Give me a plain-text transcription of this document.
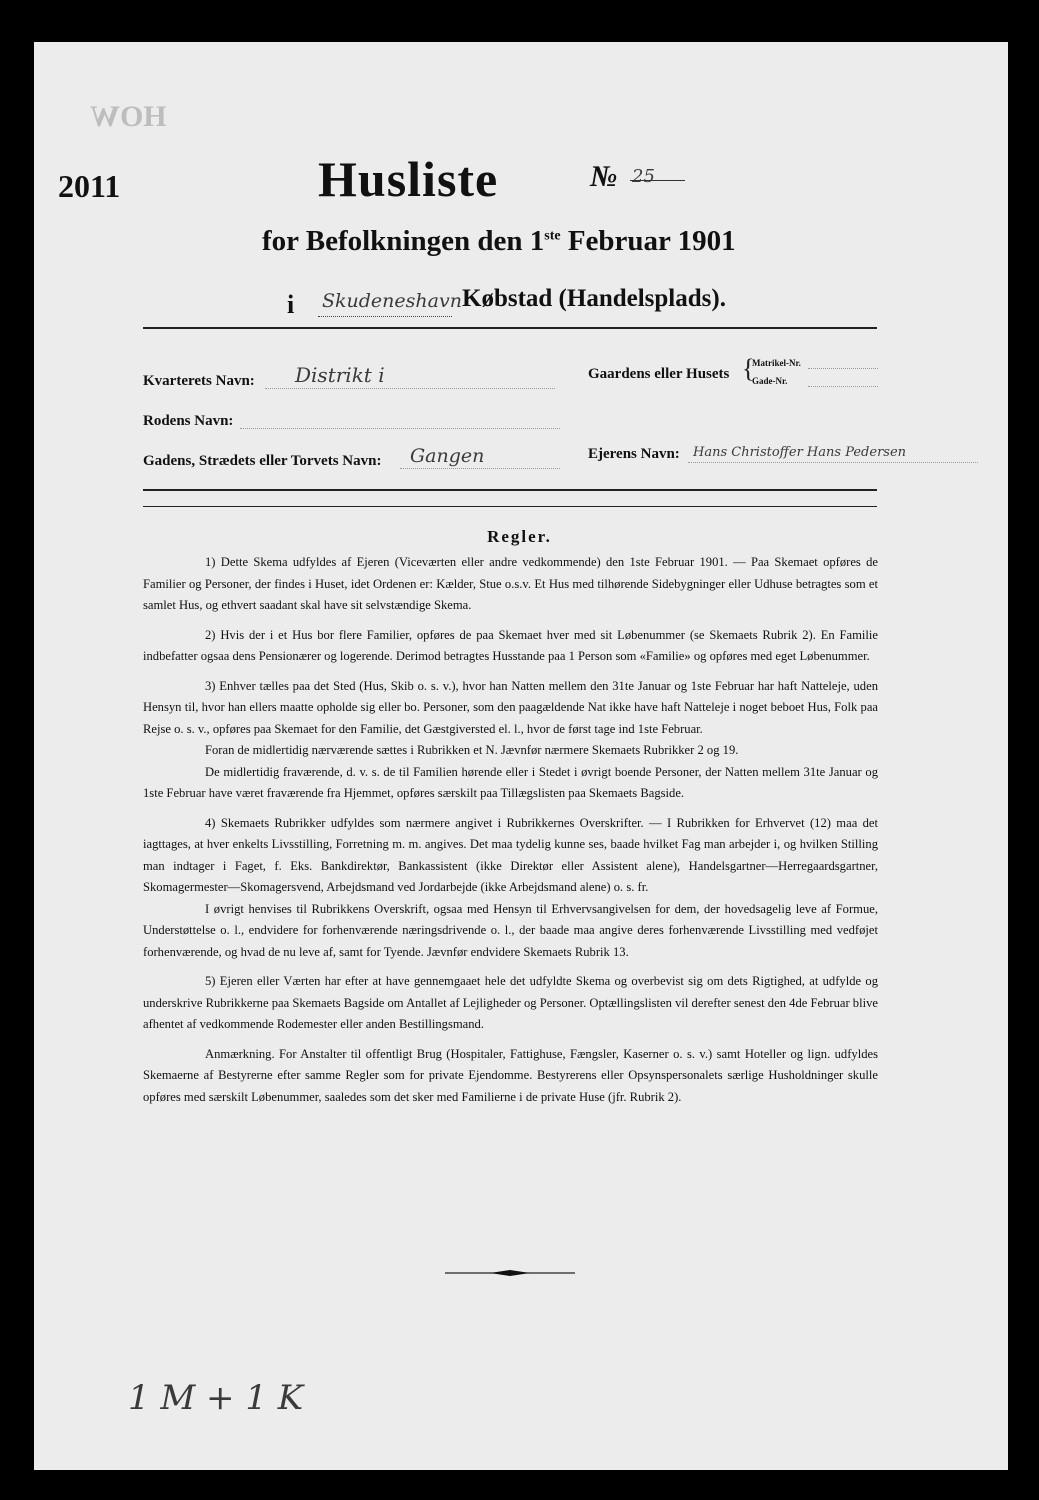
HOW
2011	Husliste	№ 25
for Befolkningen den 1ste Februar 1901
i Skudeneshavn Købstad (Handelsplads).
Kvarterets Navn: Distrikt i	Gaardens eller Husets {
Matrikel-Nr.
Gade-Nr.
Rodens Navn:
Gadens, Strædets eller Torvets Navn: Gangen	Ejerens Navn: Hans Christoffer Hans Pedersen
Regler.

1) Dette Skema udfyldes af Ejeren (Viceværten eller andre vedkommende) den 1ste Februar 1901. — Paa Skemaet opføres de Familier og Personer, der findes i Huset, idet Ordenen er: Kælder, Stue o.s.v. Et Hus med tilhørende Sidebygninger eller Udhuse betragtes som et samlet Hus, og ethvert saadant skal have sit selvstændige Skema.

2) Hvis der i et Hus bor flere Familier, opføres de paa Skemaet hver med sit Løbenummer (se Skemaets Rubrik 2). En Familie indbefatter ogsaa dens Pensionærer og logerende. Derimod betragtes Husstande paa 1 Person som «Familie» og opføres med eget Løbenummer.

3) Enhver tælles paa det Sted (Hus, Skib o. s. v.), hvor han Natten mellem den 31te Januar og 1ste Februar har haft Natteleje, uden Hensyn til, hvor han ellers maatte opholde sig eller bo. Personer, som den paagældende Nat ikke have haft Natteleje i noget beboet Hus, Folk paa Rejse o. s. v., opføres paa Skemaet for den Familie, det Gæstgiversted el. l., hvor de først tage ind 1ste Februar.

Foran de midlertidig nærværende sættes i Rubrikken et N. Jævnfør nærmere Skemaets Rubrikker 2 og 19.

De midlertidig fraværende, d. v. s. de til Familien hørende eller i Stedet i øvrigt boende Personer, der Natten mellem 31te Januar og 1ste Februar have været fraværende fra Hjemmet, opføres særskilt paa Tillægslisten paa Skemaets Bagside.

4) Skemaets Rubrikker udfyldes som nærmere angivet i Rubrikkernes Overskrifter. — I Rubrikken for Erhvervet (12) maa det iagttages, at hver enkelts Livsstilling, Forretning m. m. angives. Det maa tydelig kunne ses, baade hvilket Fag man arbejder i, og hvilken Stilling man indtager i Faget, f. Eks. Bankdirektør, Bankassistent (ikke Direktør eller Assistent alene), Handelsgartner—Herregaardsgartner, Skomagermester—Skomagersvend, Arbejdsmand ved Jordarbejde (ikke Arbejdsmand alene) o. s. fr.

I øvrigt henvises til Rubrikkens Overskrift, ogsaa med Hensyn til Erhvervsangivelsen for dem, der hovedsagelig leve af Formue, Understøttelse o. l., endvidere for forhenværende næringsdrivende o. l., der baade maa angive deres forhenværende Livsstilling med vedføjet forhenværende, og hvad de nu leve af, samt for Tyende. Jævnfør endvidere Skemaets Rubrik 13.

5) Ejeren eller Værten har efter at have gennemgaaet hele det udfyldte Skema og overbevist sig om dets Rigtighed, at udfylde og underskrive Rubrikkerne paa Skemaets Bagside om Antallet af Lejligheder og Personer. Optællingslisten vil derefter senest den 4de Februar blive afhentet af vedkommende Rodemester eller anden Bestillingsmand.

Anmærkning. For Anstalter til offentligt Brug (Hospitaler, Fattighuse, Fængsler, Kaserner o. s. v.) samt Hoteller og lign. udfyldes Skemaerne af Bestyrerne efter samme Regler som for private Ejendomme. Bestyrerens eller Opsynspersonalets særlige Husholdninger skulle opføres med særskilt Løbenummer, saaledes som det sker med Familierne i de private Huse (jfr. Rubrik 2).

1 M + 1 K
